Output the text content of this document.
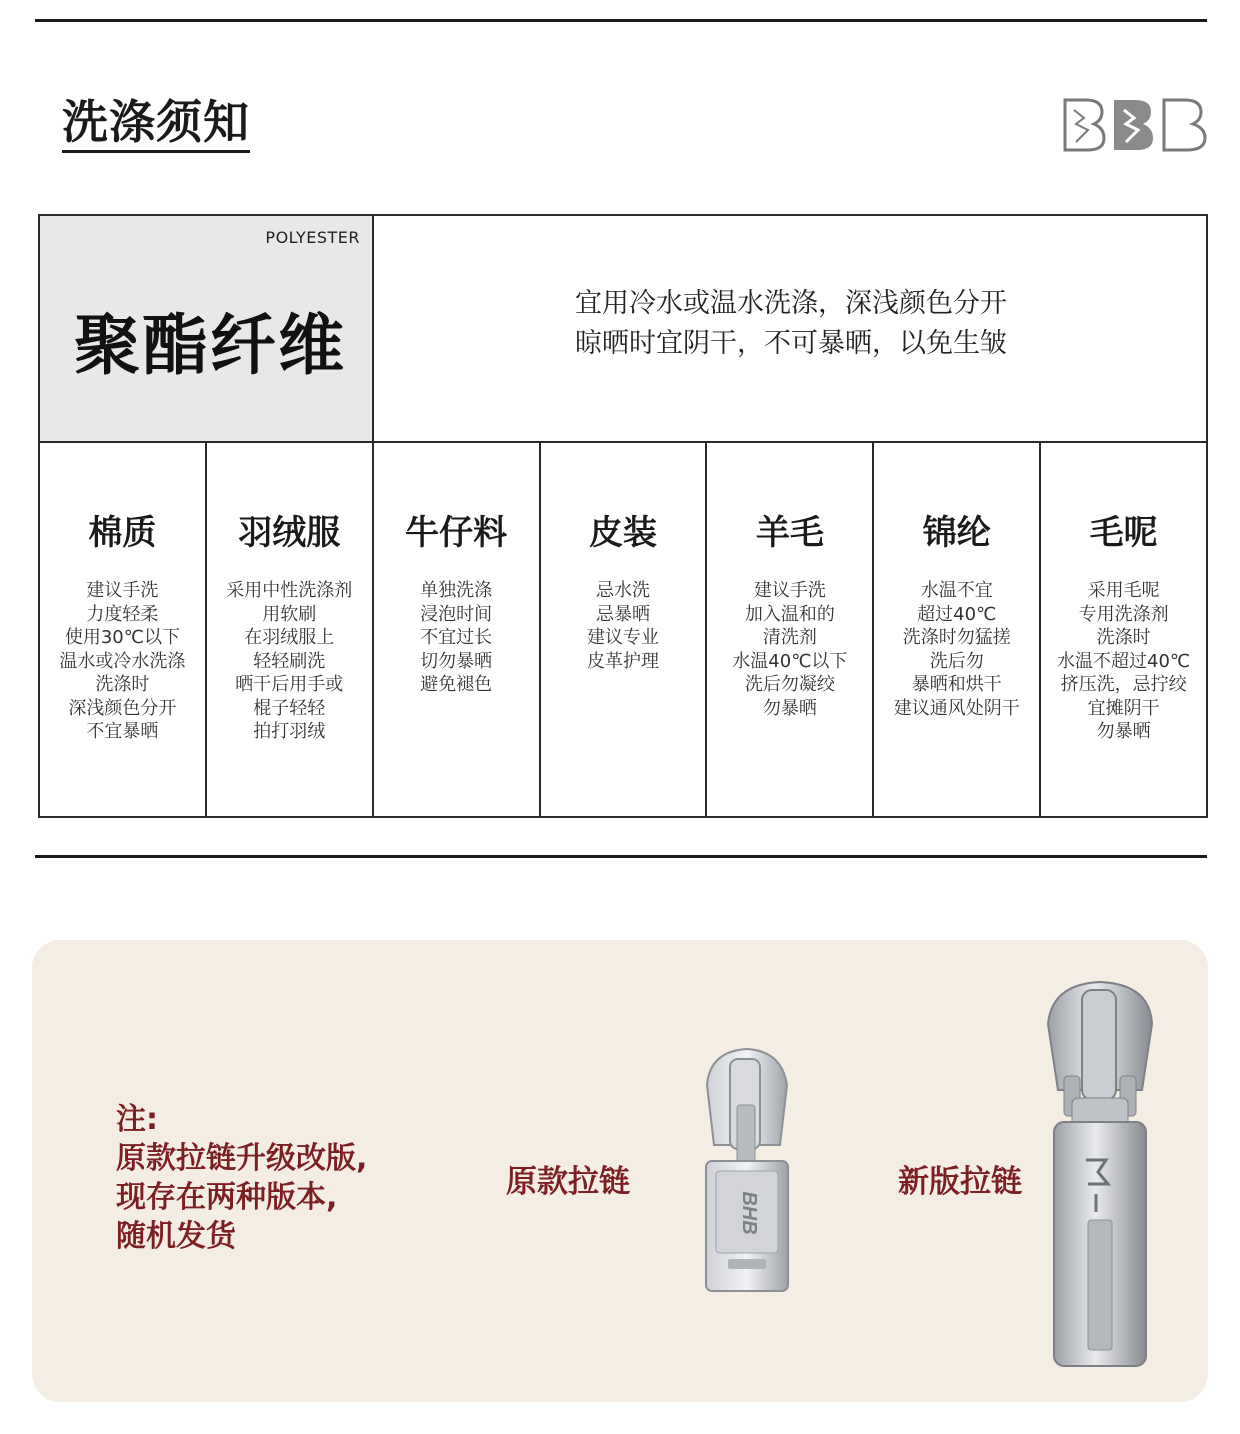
洗涤须知
POLYESTER
聚酯纤维
宜用冷水或温水洗涤，深浅颜色分开
晾晒时宜阴干，不可暴晒，以免生皱
棉质
建议手洗
力度轻柔
使用30℃以下
温水或冷水洗涤
洗涤时
深浅颜色分开
不宜暴晒
羽绒服
采用中性洗涤剂
用软刷
在羽绒服上
轻轻刷洗
晒干后用手或
棍子轻轻
拍打羽绒
牛仔料
单独洗涤
浸泡时间
不宜过长
切勿暴晒
避免褪色
皮装
忌水洗
忌暴晒
建议专业
皮革护理
羊毛
建议手洗
加入温和的
清洗剂
水温40℃以下
洗后勿凝绞
勿暴晒
锦纶
水温不宜
超过40℃
洗涤时勿猛搓
洗后勿
暴晒和烘干
建议通风处阴干
毛呢
采用毛呢
专用洗涤剂
洗涤时
水温不超过40℃
挤压洗，忌拧绞
宜摊阴干
勿暴晒
注:
原款拉链升级改版,
现存在两种版本,
随机发货
原款拉链
BHB
新版拉链
